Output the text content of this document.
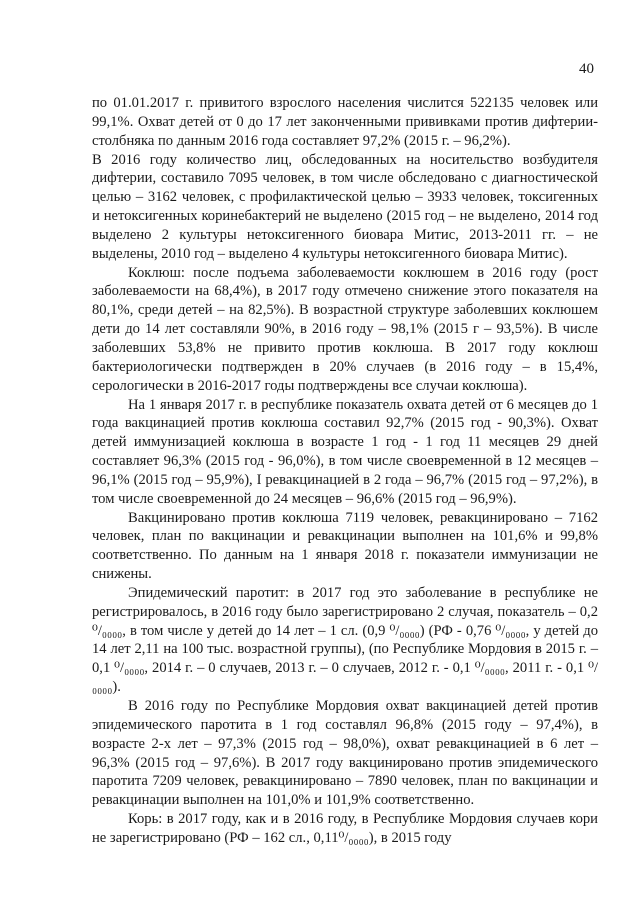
40

по 01.01.2017 г. привитого взрослого населения числится 522135 человек или 99,1%. Охват детей от 0 до 17 лет законченными прививками против дифтерии-столбняка по данным 2016 года составляет 97,2% (2015 г. – 96,2%).

В 2016 году количество лиц, обследованных на носительство возбудителя дифтерии, составило 7095 человек, в том числе обследовано с диагностической целью – 3162 человек, с профилактической целью – 3933 человек, токсигенных и нетоксигенных коринебактерий не выделено (2015 год – не выделено, 2014 год выделено 2 культуры нетоксигенного биовара Митис, 2013-2011 гг. – не выделены, 2010 год – выделено 4 культуры нетоксигенного биовара Митис).

Коклюш: после подъема заболеваемости коклюшем в 2016 году (рост заболеваемости на 68,4%), в 2017 году отмечено снижение этого показателя на 80,1%, среди детей – на 82,5%). В возрастной структуре заболевших коклюшем дети до 14 лет составляли 90%, в 2016 году – 98,1% (2015 г – 93,5%). В числе заболевших 53,8% не привито против коклюша. В 2017 году коклюш бактериологически подтвержден в 20% случаев (в 2016 году – в 15,4%, серологически в 2016-2017 годы подтверждены все случаи коклюша).

На 1 января 2017 г. в республике показатель охвата детей от 6 месяцев до 1 года вакцинацией против коклюша составил 92,7% (2015 год - 90,3%). Охват детей иммунизацией коклюша в возрасте 1 год - 1 год 11 месяцев 29 дней составляет 96,3% (2015 год - 96,0%), в том числе своевременной в 12 месяцев – 96,1% (2015 год – 95,9%), I ревакцинацией в 2 года – 96,7% (2015 год – 97,2%), в том числе своевременной до 24 месяцев – 96,6% (2015 год – 96,9%).

Вакцинировано против коклюша 7119 человек, ревакцинировано – 7162 человек, план по вакцинации и ревакцинации выполнен на 101,6% и 99,8% соответственно. По данным на 1 января 2018 г. показатели иммунизации не снижены.

Эпидемический паротит: в 2017 год это заболевание в республике не регистрировалось, в 2016 году было зарегистрировано 2 случая, показатель – 0,2 ⁰/₀₀₀₀, в том числе у детей до 14 лет – 1 сл. (0,9 ⁰/₀₀₀₀) (РФ - 0,76 ⁰/₀₀₀₀, у детей до 14 лет 2,11 на 100 тыс. возрастной группы), (по Республике Мордовия в 2015 г. –0,1 ⁰/₀₀₀₀, 2014 г. – 0 случаев, 2013 г. – 0 случаев, 2012 г. - 0,1 ⁰/₀₀₀₀, 2011 г. - 0,1 ⁰/₀₀₀₀).

В 2016 году по Республике Мордовия охват вакцинацией детей против эпидемического паротита в 1 год составлял 96,8% (2015 году – 97,4%), в возрасте 2-х лет – 97,3% (2015 год – 98,0%), охват ревакцинацией в 6 лет – 96,3% (2015 год – 97,6%). В 2017 году вакцинировано против эпидемического паротита 7209 человек, ревакцинировано – 7890 человек, план по вакцинации и ревакцинации выполнен на 101,0% и 101,9% соответственно.

Корь: в 2017 году, как и в 2016 году, в Республике Мордовия случаев кори не зарегистрировано (РФ – 162 сл., 0,11⁰/₀₀₀₀), в 2015 году
